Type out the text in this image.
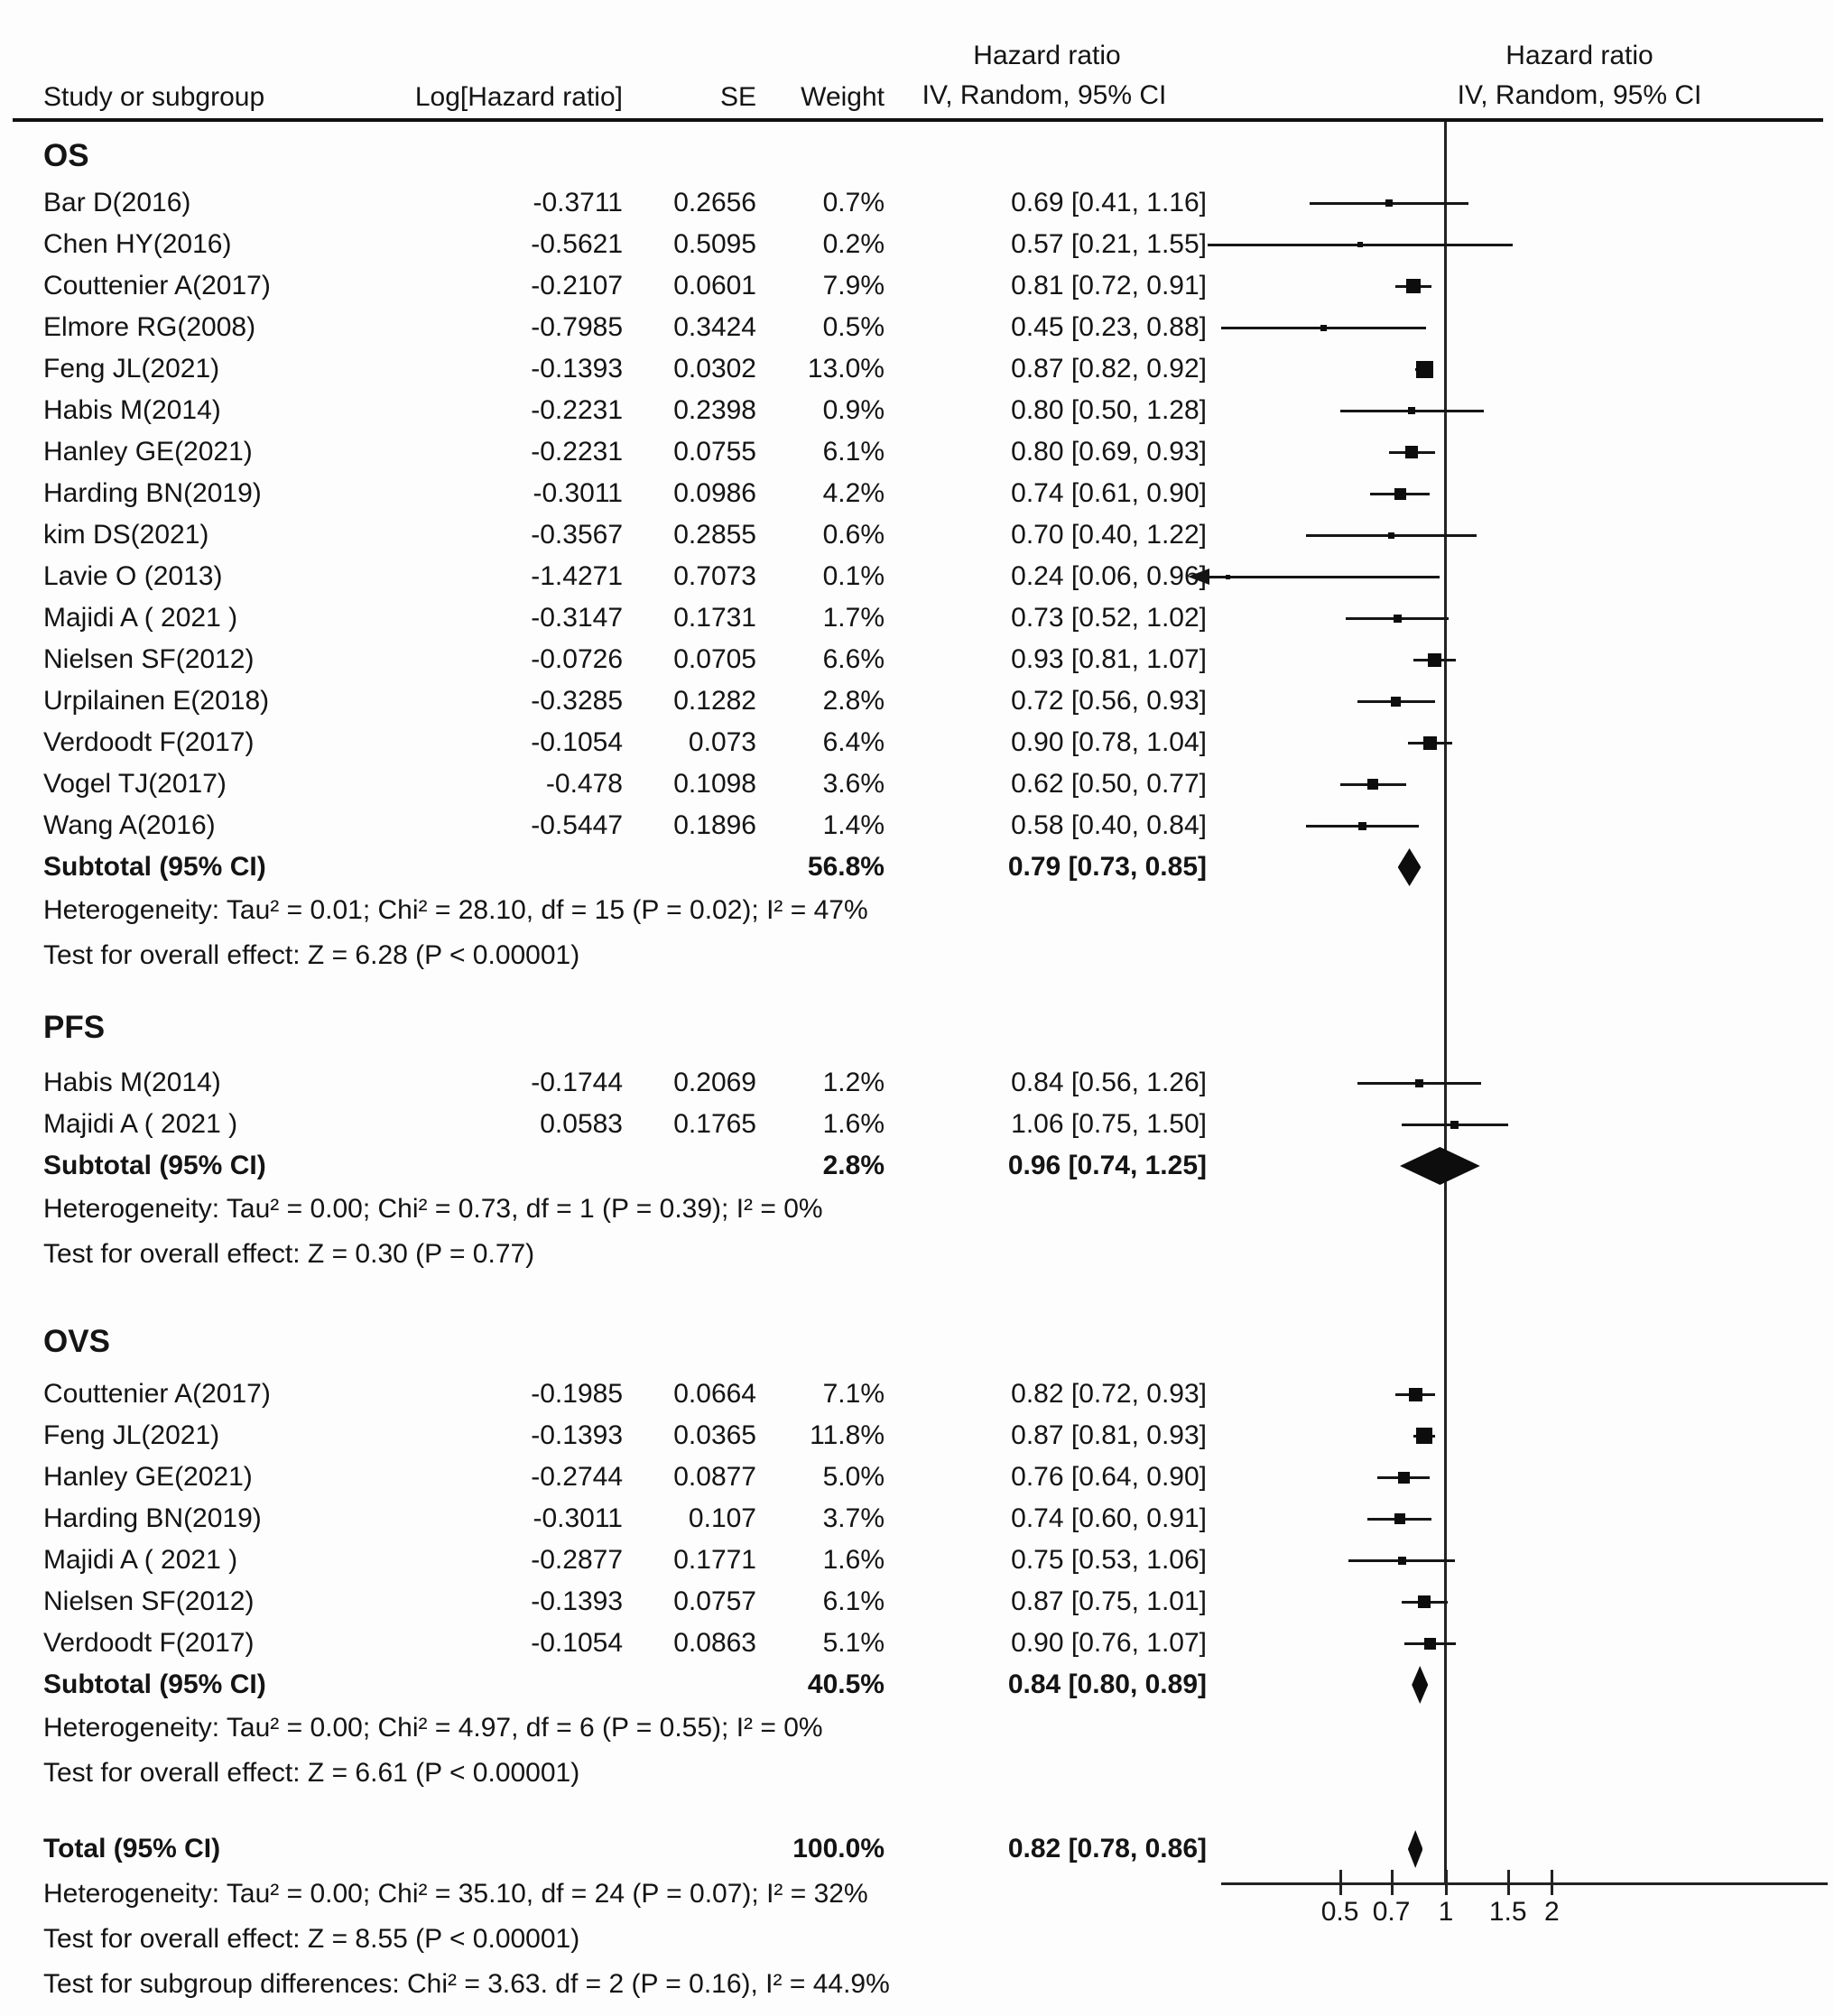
Study or subgroup	Log[Hazard ratio]	SE Weight
Hazard ratio
IV, Random, 95% CI
Hazard ratio
IV, Random, 95% CI
0.5 0.7	1	1.5 2
OS
Bar D(2016)	-0.3711 0.2656 0.7%	0.69 [0.41, 1.16]
Chen HY(2016)	-0.5621 0.5095 0.2%	0.57 [0.21, 1.55]
Couttenier A(2017)	-0.2107 0.0601 7.9%	0.81 [0.72, 0.91]
Elmore RG(2008)	-0.7985 0.3424 0.5%	0.45 [0.23, 0.88]
Feng JL(2021)	-0.1393 0.0302 13.0%	0.87 [0.82, 0.92]
Habis M(2014)	-0.2231 0.2398 0.9%	0.80 [0.50, 1.28]
Hanley GE(2021)	-0.2231 0.0755 6.1%	0.80 [0.69, 0.93]
Harding BN(2019)	-0.3011 0.0986 4.2%	0.74 [0.61, 0.90]
kim DS(2021)	-0.3567 0.2855 0.6%	0.70 [0.40, 1.22]
Lavie O (2013)	-1.4271 0.7073 0.1%	0.24 [0.06, 0.96]
Majidi A ( 2021 )	-0.3147 0.1731 1.7%	0.73 [0.52, 1.02]
Nielsen SF(2012)	-0.0726 0.0705 6.6%	0.93 [0.81, 1.07]
Urpilainen E(2018)	-0.3285 0.1282 2.8%	0.72 [0.56, 0.93]
Verdoodt F(2017)	-0.1054 0.073 6.4%	0.90 [0.78, 1.04]
Vogel TJ(2017)	-0.478 0.1098 3.6%	0.62 [0.50, 0.77]
Wang A(2016)	-0.5447 0.1896 1.4%	0.58 [0.40, 0.84]
Subtotal (95% CI)	56.8%	0.79 [0.73, 0.85]
Heterogeneity: Tau² = 0.01; Chi² = 28.10, df = 15 (P = 0.02); I² = 47%
Test for overall effect: Z = 6.28 (P < 0.00001)
PFS
Habis M(2014)	-0.1744 0.2069 1.2%	0.84 [0.56, 1.26]
Majidi A ( 2021 )	0.0583 0.1765 1.6%	1.06 [0.75, 1.50]
Subtotal (95% CI)	2.8%	0.96 [0.74, 1.25]
Heterogeneity: Tau² = 0.00; Chi² = 0.73, df = 1 (P = 0.39); I² = 0%
Test for overall effect: Z = 0.30 (P = 0.77)
OVS
Couttenier A(2017)	-0.1985 0.0664 7.1%	0.82 [0.72, 0.93]
Feng JL(2021)	-0.1393 0.0365 11.8%	0.87 [0.81, 0.93]
Hanley GE(2021)	-0.2744 0.0877 5.0%	0.76 [0.64, 0.90]
Harding BN(2019)	-0.3011 0.107 3.7%	0.74 [0.60, 0.91]
Majidi A ( 2021 )	-0.2877 0.1771 1.6%	0.75 [0.53, 1.06]
Nielsen SF(2012)	-0.1393 0.0757 6.1%	0.87 [0.75, 1.01]
Verdoodt F(2017)	-0.1054 0.0863 5.1%	0.90 [0.76, 1.07]
Subtotal (95% CI)	40.5%	0.84 [0.80, 0.89]
Heterogeneity: Tau² = 0.00; Chi² = 4.97, df = 6 (P = 0.55); I² = 0%
Test for overall effect: Z = 6.61 (P < 0.00001)
Total (95% CI)	100.0%	0.82 [0.78, 0.86]
Heterogeneity: Tau² = 0.00; Chi² = 35.10, df = 24 (P = 0.07); I² = 32%
Test for overall effect: Z = 8.55 (P < 0.00001)
Test for subgroup differences: Chi² = 3.63. df = 2 (P = 0.16), I² = 44.9%
